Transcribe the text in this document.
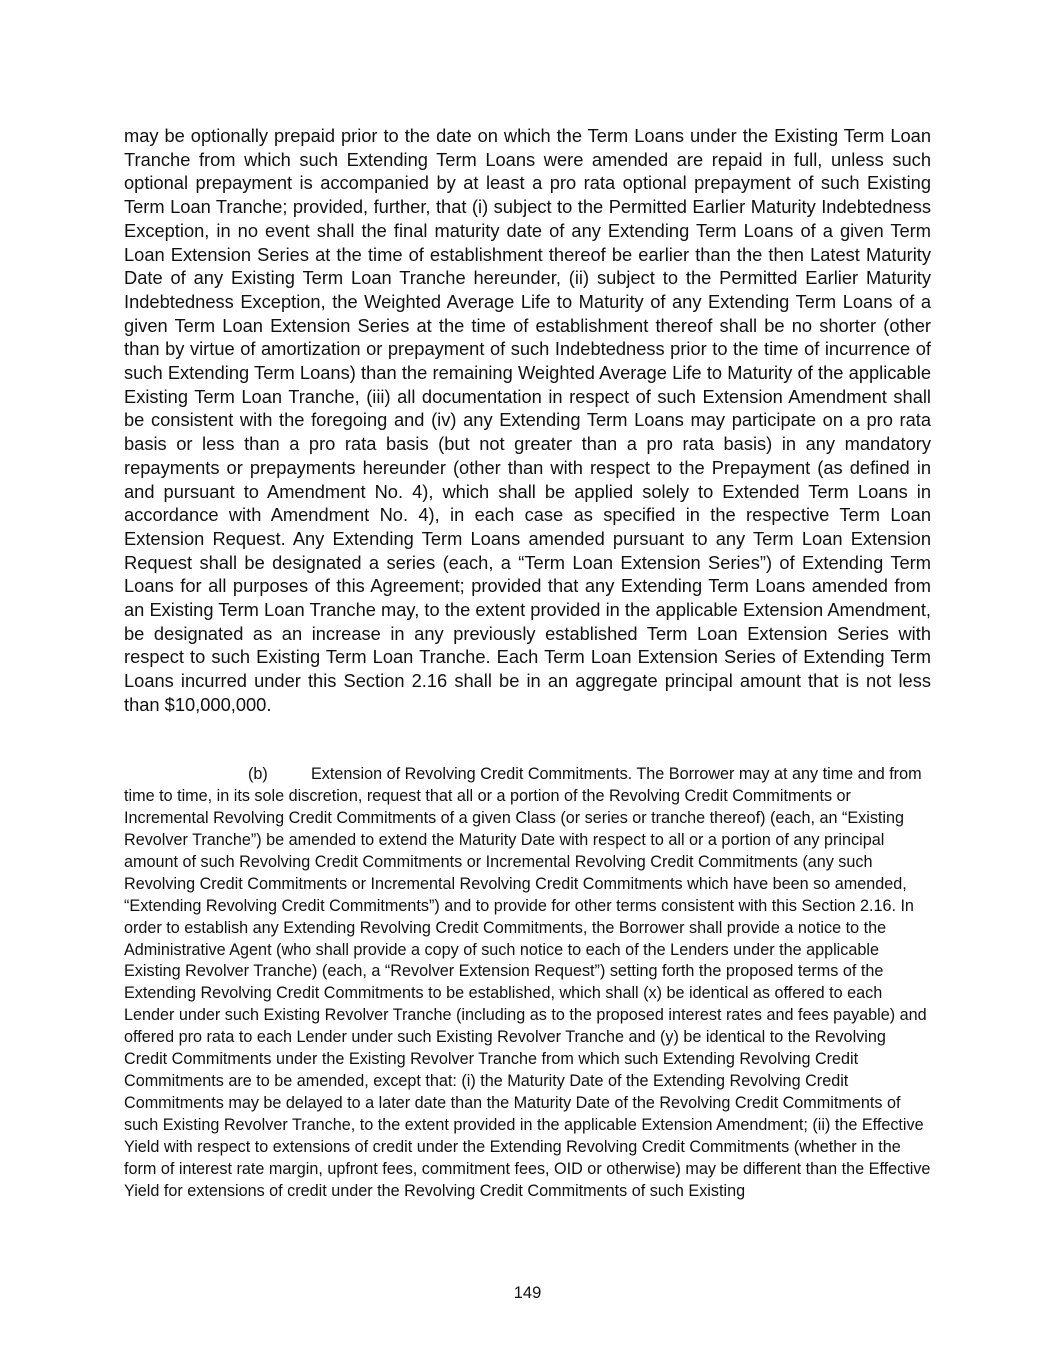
may be optionally prepaid prior to the date on which the Term Loans under the Existing Term Loan Tranche from which such Extending Term Loans were amended are repaid in full, unless such optional prepayment is accompanied by at least a pro rata optional prepayment of such Existing Term Loan Tranche; provided, further, that (i) subject to the Permitted Earlier Maturity Indebtedness Exception, in no event shall the final maturity date of any Extending Term Loans of a given Term Loan Extension Series at the time of establishment thereof be earlier than the then Latest Maturity Date of any Existing Term Loan Tranche hereunder, (ii) subject to the Permitted Earlier Maturity Indebtedness Exception, the Weighted Average Life to Maturity of any Extending Term Loans of a given Term Loan Extension Series at the time of establishment thereof shall be no shorter (other than by virtue of amortization or prepayment of such Indebtedness prior to the time of incurrence of such Extending Term Loans) than the remaining Weighted Average Life to Maturity of the applicable Existing Term Loan Tranche, (iii) all documentation in respect of such Extension Amendment shall be consistent with the foregoing and (iv) any Extending Term Loans may participate on a pro rata basis or less than a pro rata basis (but not greater than a pro rata basis) in any mandatory repayments or prepayments hereunder (other than with respect to the Prepayment (as defined in and pursuant to Amendment No. 4), which shall be applied solely to Extended Term Loans in accordance with Amendment No. 4), in each case as specified in the respective Term Loan Extension Request. Any Extending Term Loans amended pursuant to any Term Loan Extension Request shall be designated a series (each, a “Term Loan Extension Series”) of Extending Term Loans for all purposes of this Agreement; provided that any Extending Term Loans amended from an Existing Term Loan Tranche may, to the extent provided in the applicable Extension Amendment, be designated as an increase in any previously established Term Loan Extension Series with respect to such Existing Term Loan Tranche. Each Term Loan Extension Series of Extending Term Loans incurred under this Section 2.16 shall be in an aggregate principal amount that is not less than $10,000,000.

(b)	Extension of Revolving Credit Commitments. The Borrower may at any time and from time to time, in its sole discretion, request that all or a portion of the Revolving Credit Commitments or Incremental Revolving Credit Commitments of a given Class (or series or tranche thereof) (each, an “Existing Revolver Tranche”) be amended to extend the Maturity Date with respect to all or a portion of any principal amount of such Revolving Credit Commitments or Incremental Revolving Credit Commitments (any such Revolving Credit Commitments or Incremental Revolving Credit Commitments which have been so amended, “Extending Revolving Credit Commitments”) and to provide for other terms consistent with this Section 2.16. In order to establish any Extending Revolving Credit Commitments, the Borrower shall provide a notice to the Administrative Agent (who shall provide a copy of such notice to each of the Lenders under the applicable Existing Revolver Tranche) (each, a “Revolver Extension Request”) setting forth the proposed terms of the Extending Revolving Credit Commitments to be established, which shall (x) be identical as offered to each Lender under such Existing Revolver Tranche (including as to the proposed interest rates and fees payable) and offered pro rata to each Lender under such Existing Revolver Tranche and (y) be identical to the Revolving Credit Commitments under the Existing Revolver Tranche from which such Extending Revolving Credit Commitments are to be amended, except that: (i) the Maturity Date of the Extending Revolving Credit Commitments may be delayed to a later date than the Maturity Date of the Revolving Credit Commitments of such Existing Revolver Tranche, to the extent provided in the applicable Extension Amendment; (ii) the Effective Yield with respect to extensions of credit under the Extending Revolving Credit Commitments (whether in the form of interest rate margin, upfront fees, commitment fees, OID or otherwise) may be different than the Effective Yield for extensions of credit under the Revolving Credit Commitments of such Existing

149
